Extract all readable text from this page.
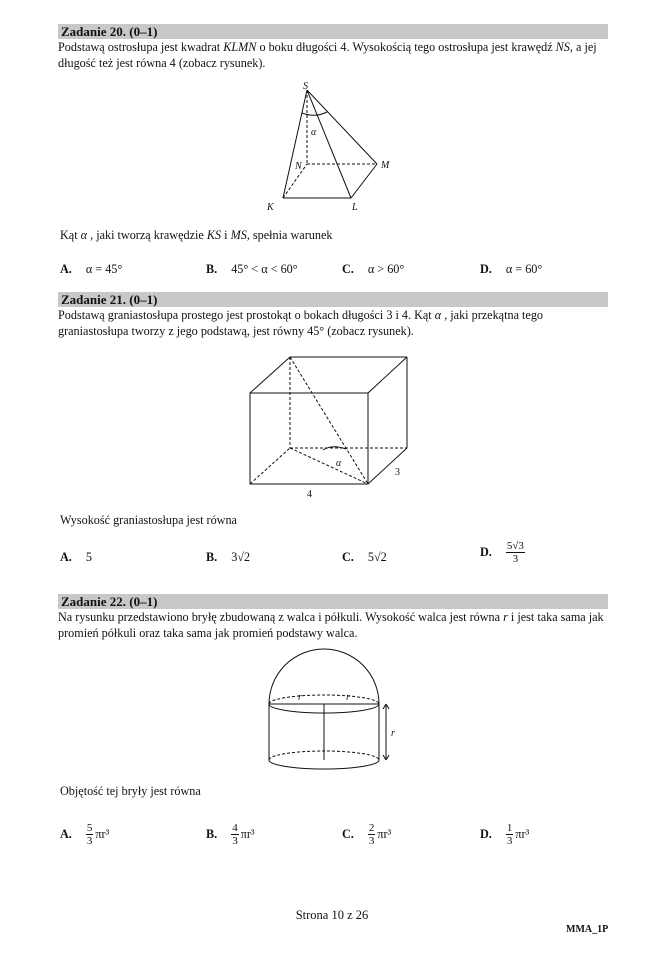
Zadanie 20. (0–1)
Podstawą ostrosłupa jest kwadrat KLMN o boku długości 4. Wysokością tego ostrosłupa jest krawędź NS, a jej długość też jest równa 4 (zobacz rysunek).
S
α
N	M
K	L
Kąt α , jaki tworzą krawędzie KS i MS, spełnia warunek
A. α = 45°	B. 45° < α < 60°	C. α > 60°	D. α = 60°
Zadanie 21. (0–1)
Podstawą graniastosłupa prostego jest prostokąt o bokach długości 3 i 4. Kąt α , jaki przekątna tego graniastosłupa tworzy z jego podstawą, jest równy 45° (zobacz rysunek).
α
3
4
Wysokość graniastosłupa jest równa
A. 5	B. 3√2	C. 5√2	D. $\frac{5√3}{3}$
Zadanie 22. (0–1)
Na rysunku przedstawiono bryłę zbudowaną z walca i półkuli. Wysokość walca jest równa r i jest taka sama jak promień półkuli oraz taka sama jak promień podstawy walca.
r	r
r
Objętość tej bryły jest równa
A. $\frac{5}{3} \pi r^3$	B. $\frac{4}{3} \pi r^3$	C. $\frac{2}{3} \pi r^3$	D. $\frac{1}{3} \pi r^3$
Strona 10 z 26
MMA_1P
